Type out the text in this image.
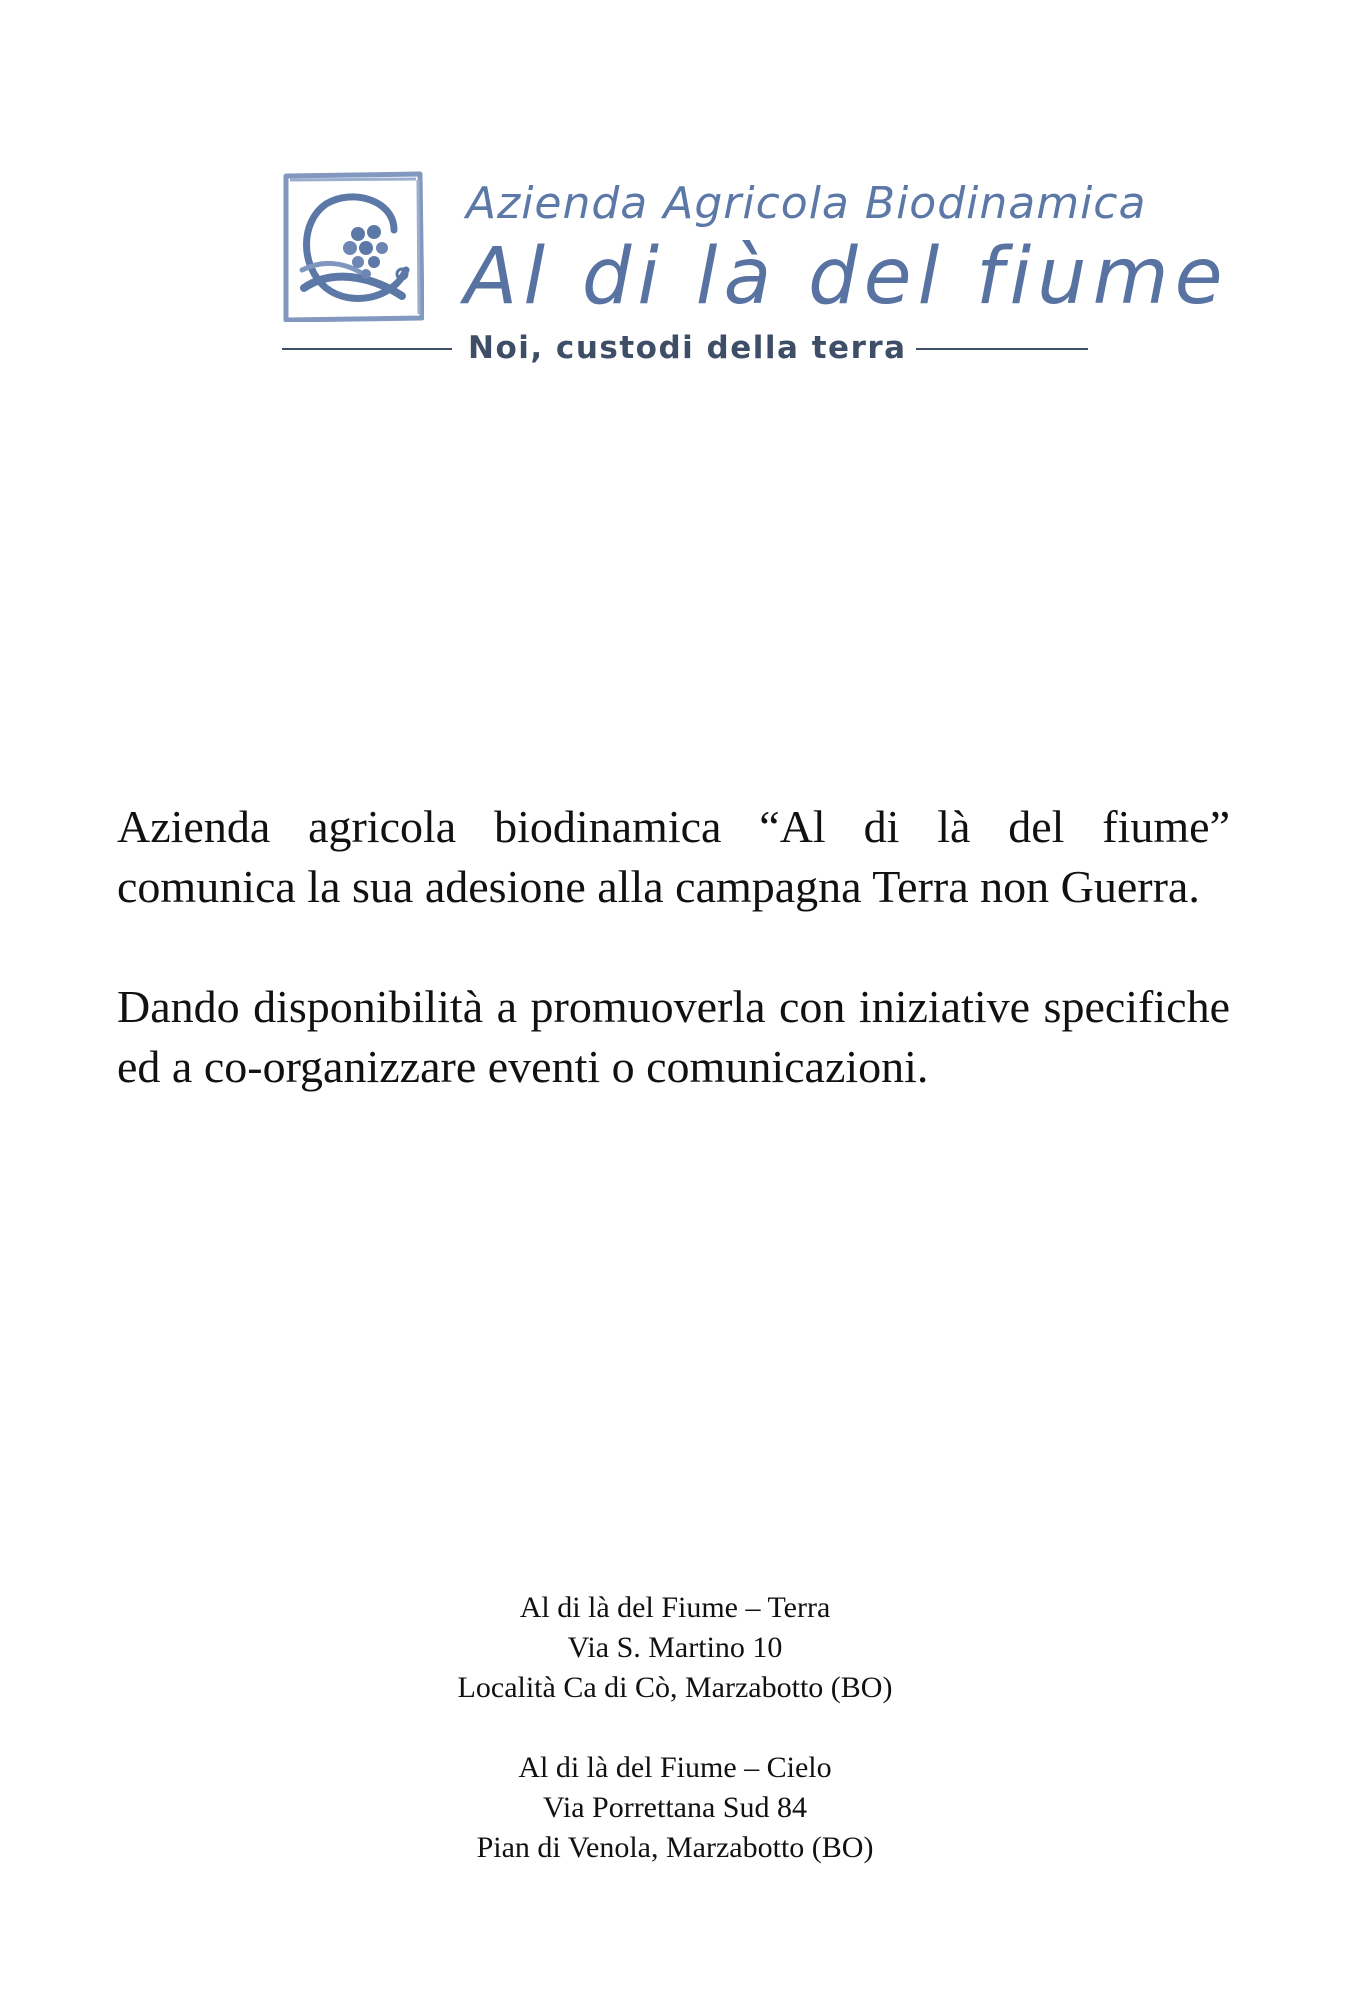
Azienda Agricola Biodinamica
Al di là del fiume
Noi, custodi della terra

Azienda agricola biodinamica “Al di là del fiume” comunica la sua adesione alla campagna Terra non Guerra.

Dando disponibilità a promuoverla con iniziative specifiche ed a co-organizzare eventi o comunicazioni.

Al di là del Fiume – Terra
Via S. Martino 10
Località Ca di Cò, Marzabotto (BO)
Al di là del Fiume – Cielo
Via Porrettana Sud 84
Pian di Venola, Marzabotto (BO)
